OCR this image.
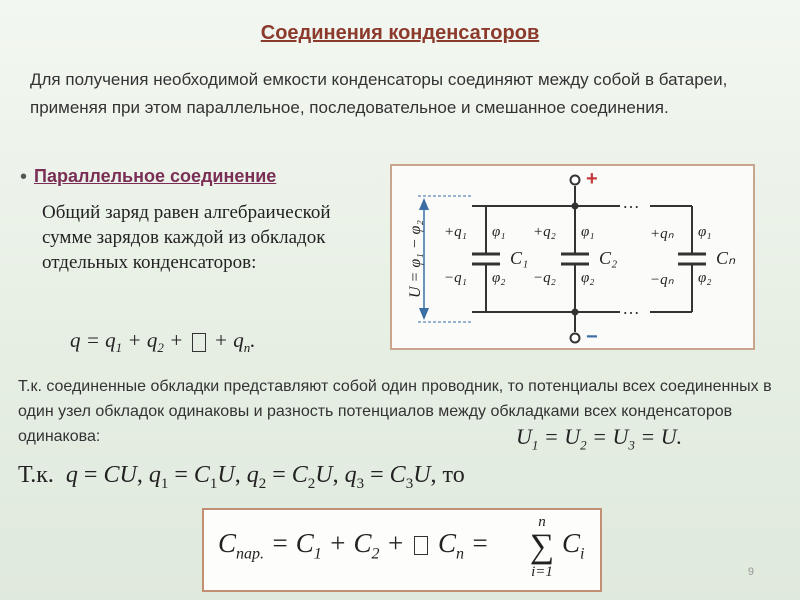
Соединения конденсаторов
Для получения необходимой емкости конденсаторы соединяют между собой в батареи, применяя при этом параллельное, последовательное и смешанное соединения.
• Параллельное соединение
Общий заряд равен алгебраической сумме зарядов каждой из обкладок отдельных конденсаторов:
$q = q_1 + q_2$ +  + $q_n$.
+
−
…
…
U = φ₁ − φ₂ +q₁ φ₁
−q₁ φ₂
C₁
+q₂ φ₁
−q₂ φ₂
C₂
+qₙ φ₁
−qₙ φ₂
Cₙ
Т.к. соединенные обкладки представляют собой один проводник, то потенциалы всех соединенных в один узел обкладок одинаковы и разность потенциалов между обкладками всех конденсаторов одинакова:	$U_1 = U_2 = U_3 = U$.
Т.к. q = CU, $q_1 = C_1U$, $q_2 = C_2U$, $q_3 = C_3U$, то
$C_{пар.} = C_1 + C_2 + C_n$ =
n
∑
i=1
$C_i$
9
